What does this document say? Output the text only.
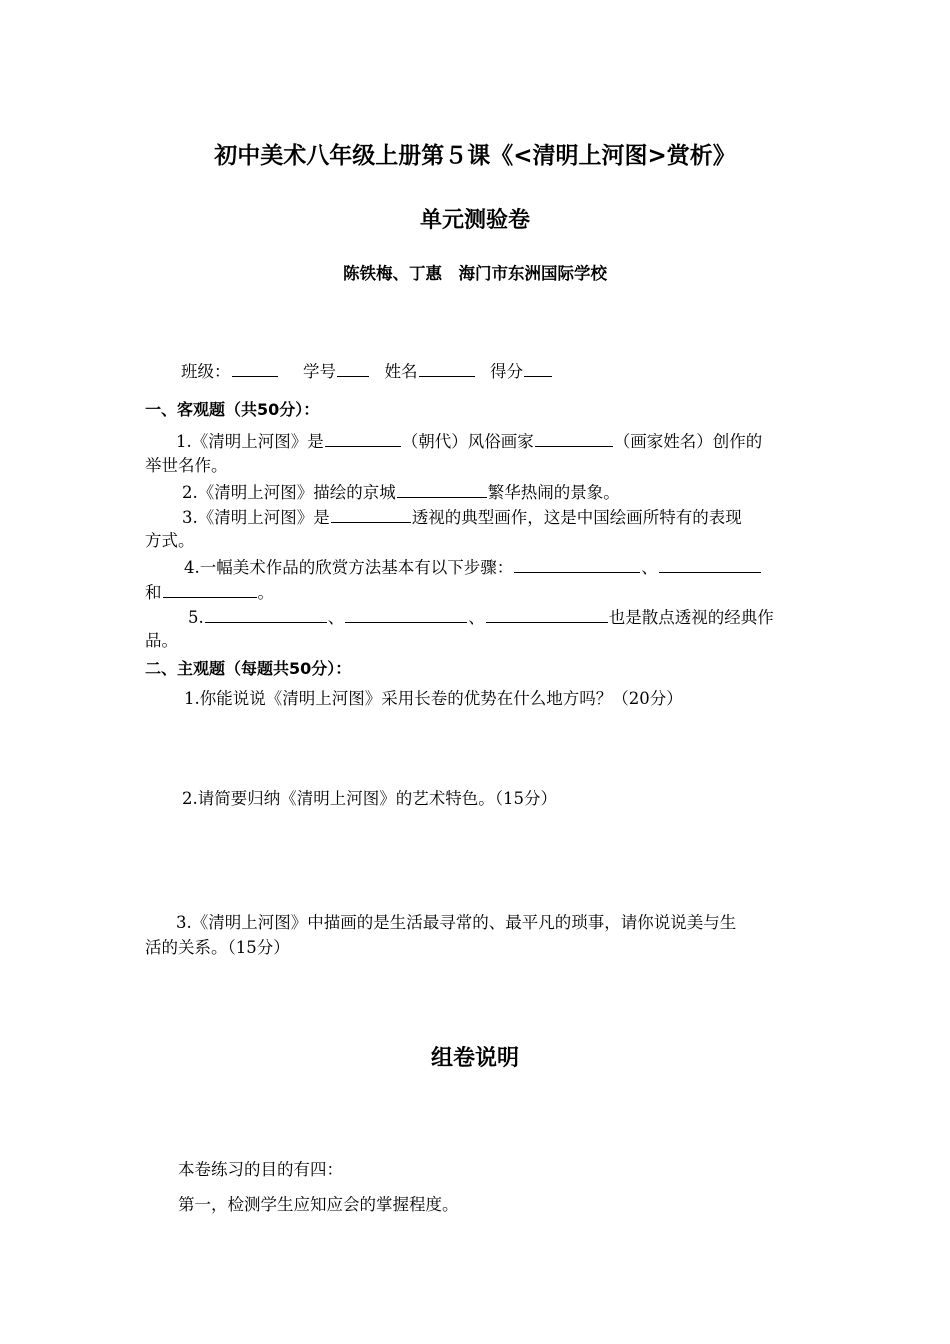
初中美术八年级上册第５课《<清明上河图>赏析》
单元测验卷
陈铁梅、丁惠　海门市东洲国际学校
班级：	学号	姓名	得分
一、客观题（共50分）：
1.《清明上河图》是	（朝代）风俗画家	（画家姓名）创作的
举世名作。
2.《清明上河图》描绘的京城	繁华热闹的景象。
3.《清明上河图》是	透视的典型画作，这是中国绘画所特有的表现
方式。
4.一幅美术作品的欣赏方法基本有以下步骤：	、
和	。
5.	、	、	也是散点透视的经典作
品。
二、主观题（每题共50分）：
1.你能说说《清明上河图》采用长卷的优势在什么地方吗？（20分）
2.请简要归纳《清明上河图》的艺术特色。（15分）
3.《清明上河图》中描画的是生活最寻常的、最平凡的琐事，请你说说美与生
活的关系。（15分）
组卷说明
本卷练习的目的有四：
第一，检测学生应知应会的掌握程度。
